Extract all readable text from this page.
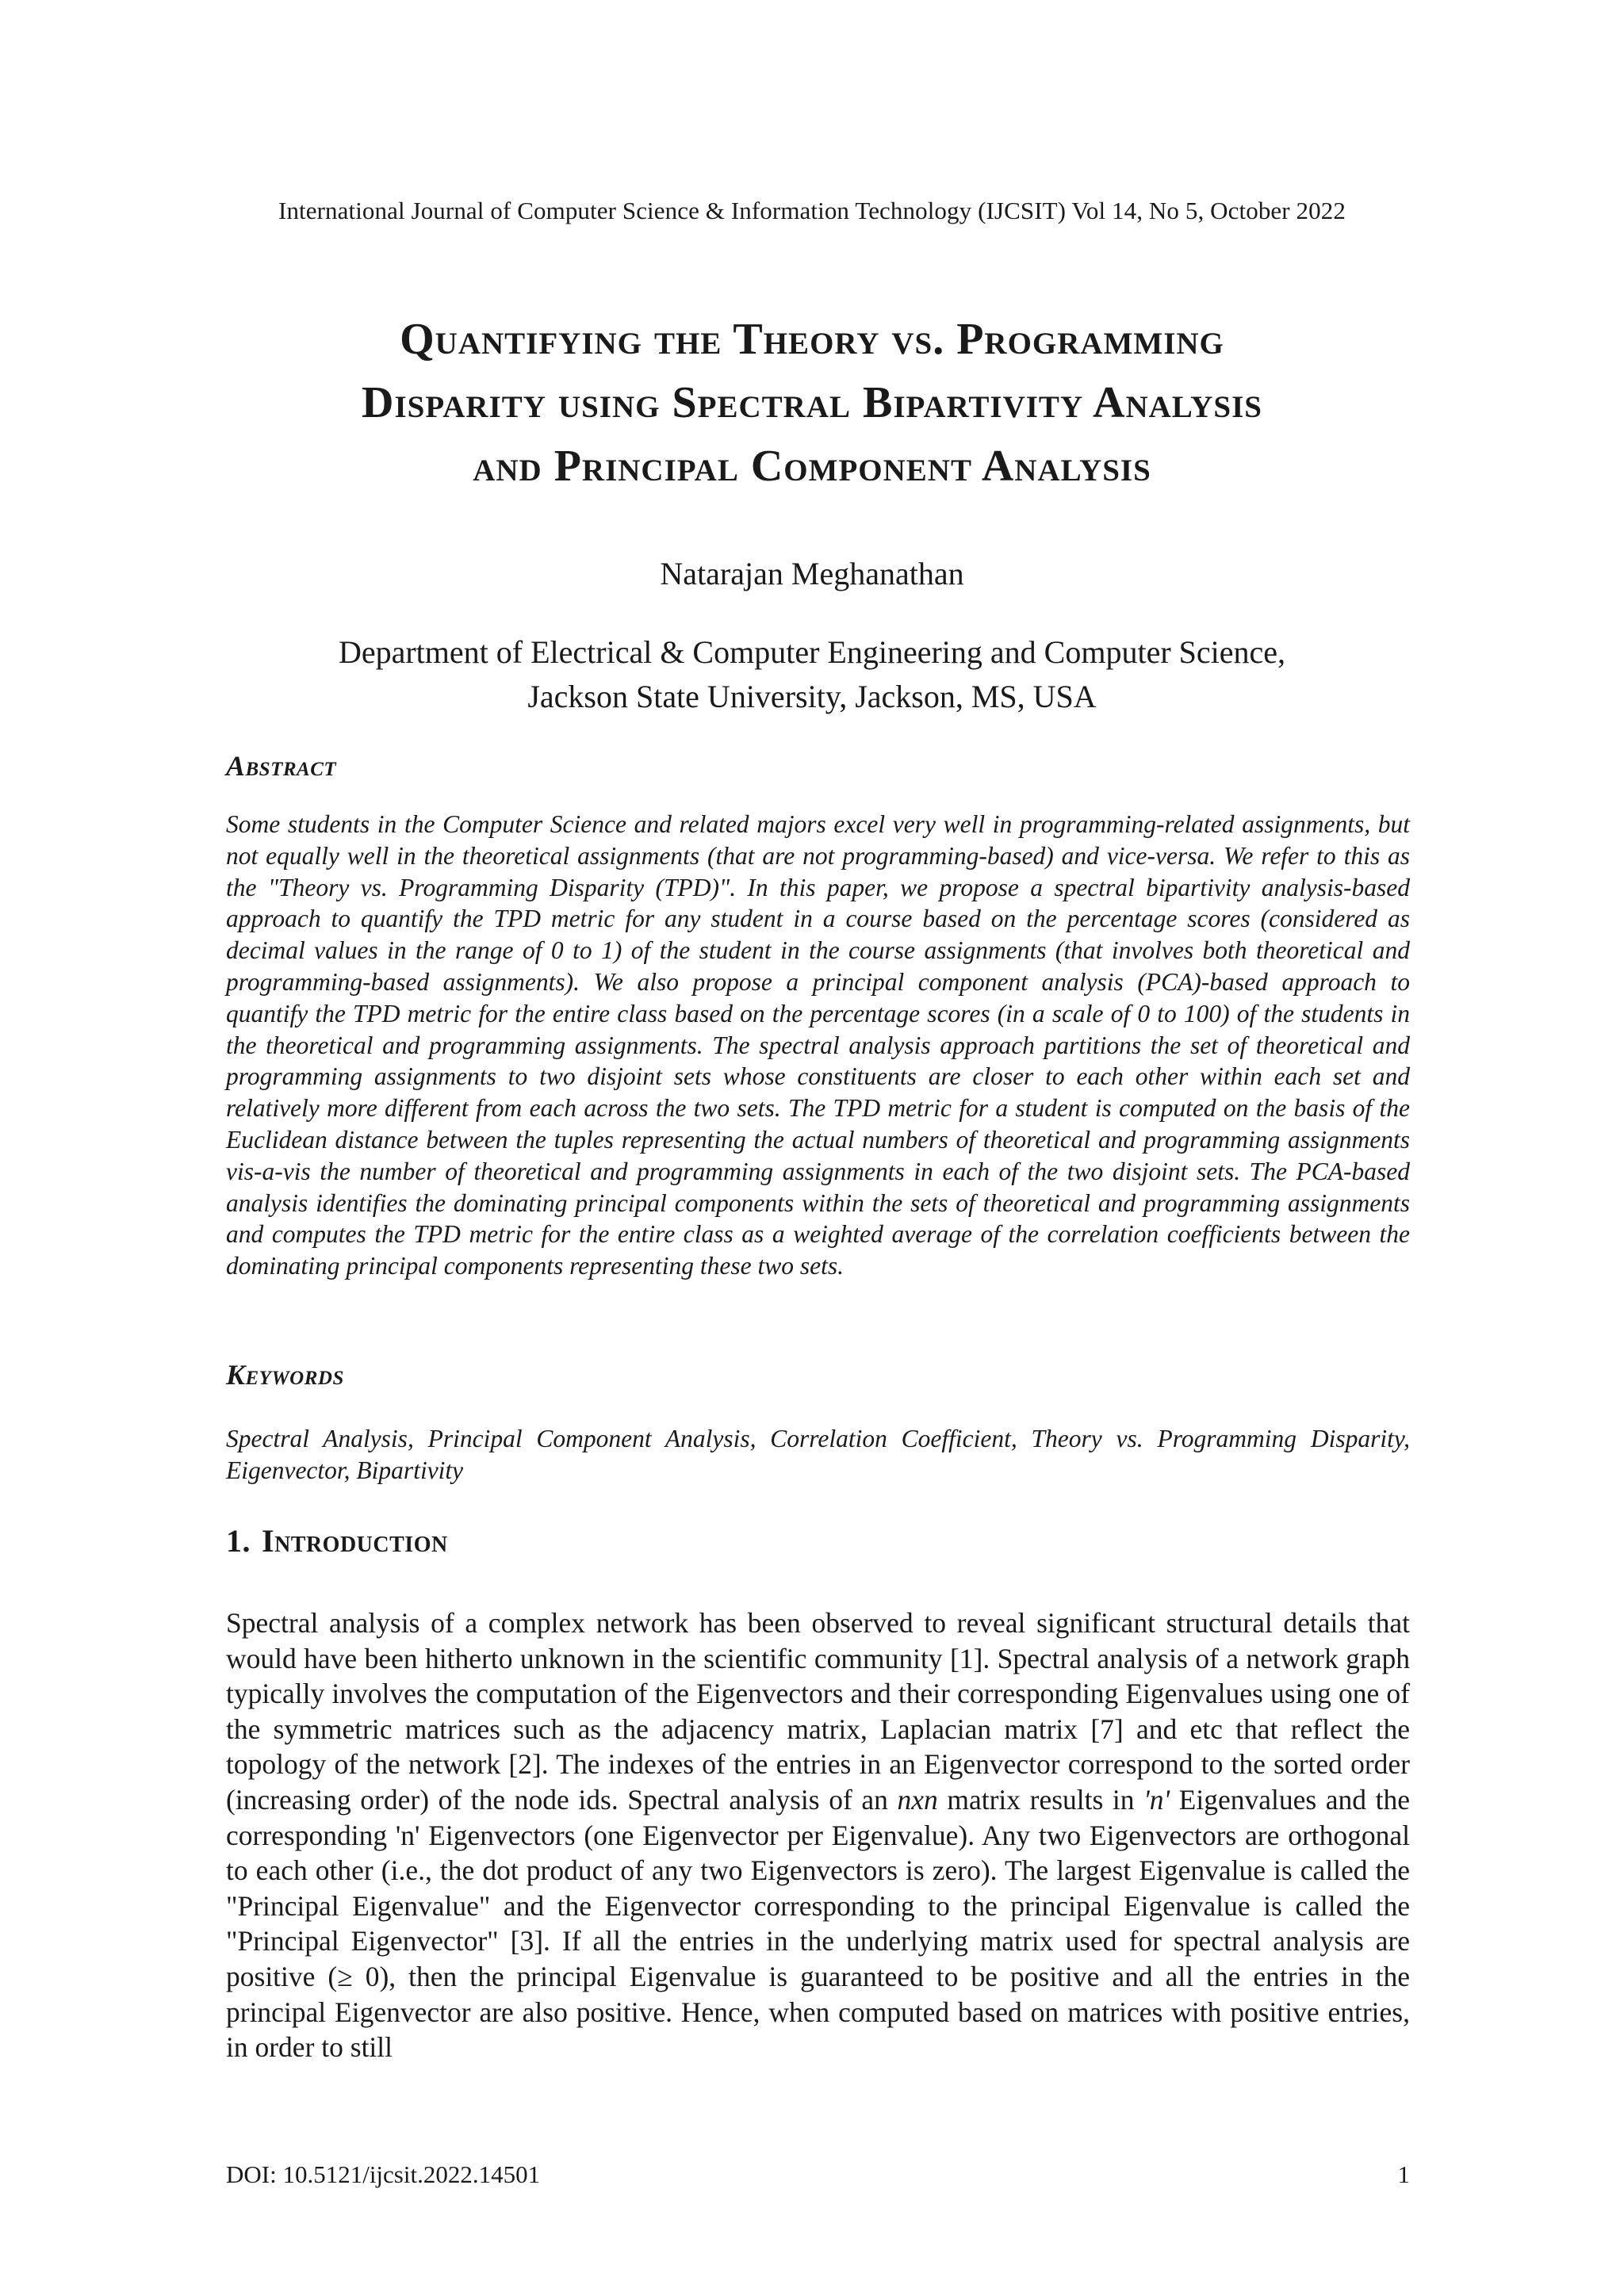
International Journal of Computer Science & Information Technology (IJCSIT) Vol 14, No 5, October 2022
Quantifying the Theory vs. Programming
Disparity using Spectral Bipartivity Analysis
and Principal Component Analysis
Natarajan Meghanathan
Department of Electrical & Computer Engineering and Computer Science,
Jackson State University, Jackson, MS, USA
Abstract
Some students in the Computer Science and related majors excel very well in programming-related assignments, but not equally well in the theoretical assignments (that are not programming-based) and vice-versa. We refer to this as the "Theory vs. Programming Disparity (TPD)". In this paper, we propose a spectral bipartivity analysis-based approach to quantify the TPD metric for any student in a course based on the percentage scores (considered as decimal values in the range of 0 to 1) of the student in the course assignments (that involves both theoretical and programming-based assignments). We also propose a principal component analysis (PCA)-based approach to quantify the TPD metric for the entire class based on the percentage scores (in a scale of 0 to 100) of the students in the theoretical and programming assignments. The spectral analysis approach partitions the set of theoretical and programming assignments to two disjoint sets whose constituents are closer to each other within each set and relatively more different from each across the two sets. The TPD metric for a student is computed on the basis of the Euclidean distance between the tuples representing the actual numbers of theoretical and programming assignments vis-a-vis the number of theoretical and programming assignments in each of the two disjoint sets. The PCA-based analysis identifies the dominating principal components within the sets of theoretical and programming assignments and computes the TPD metric for the entire class as a weighted average of the correlation coefficients between the dominating principal components representing these two sets.
Keywords
Spectral Analysis, Principal Component Analysis, Correlation Coefficient, Theory vs. Programming Disparity, Eigenvector, Bipartivity
1. Introduction
Spectral analysis of a complex network has been observed to reveal significant structural details that would have been hitherto unknown in the scientific community [1]. Spectral analysis of a network graph typically involves the computation of the Eigenvectors and their corresponding Eigenvalues using one of the symmetric matrices such as the adjacency matrix, Laplacian matrix [7] and etc that reflect the topology of the network [2]. The indexes of the entries in an Eigenvector correspond to the sorted order (increasing order) of the node ids. Spectral analysis of an nxn matrix results in 'n' Eigenvalues and the corresponding 'n' Eigenvectors (one Eigenvector per Eigenvalue). Any two Eigenvectors are orthogonal to each other (i.e., the dot product of any two Eigenvectors is zero). The largest Eigenvalue is called the "Principal Eigenvalue" and the Eigenvector corresponding to the principal Eigenvalue is called the "Principal Eigenvector" [3]. If all the entries in the underlying matrix used for spectral analysis are positive (≥ 0), then the principal Eigenvalue is guaranteed to be positive and all the entries in the principal Eigenvector are also positive. Hence, when computed based on matrices with positive entries, in order to still
DOI: 10.5121/ijcsit.2022.14501	1
